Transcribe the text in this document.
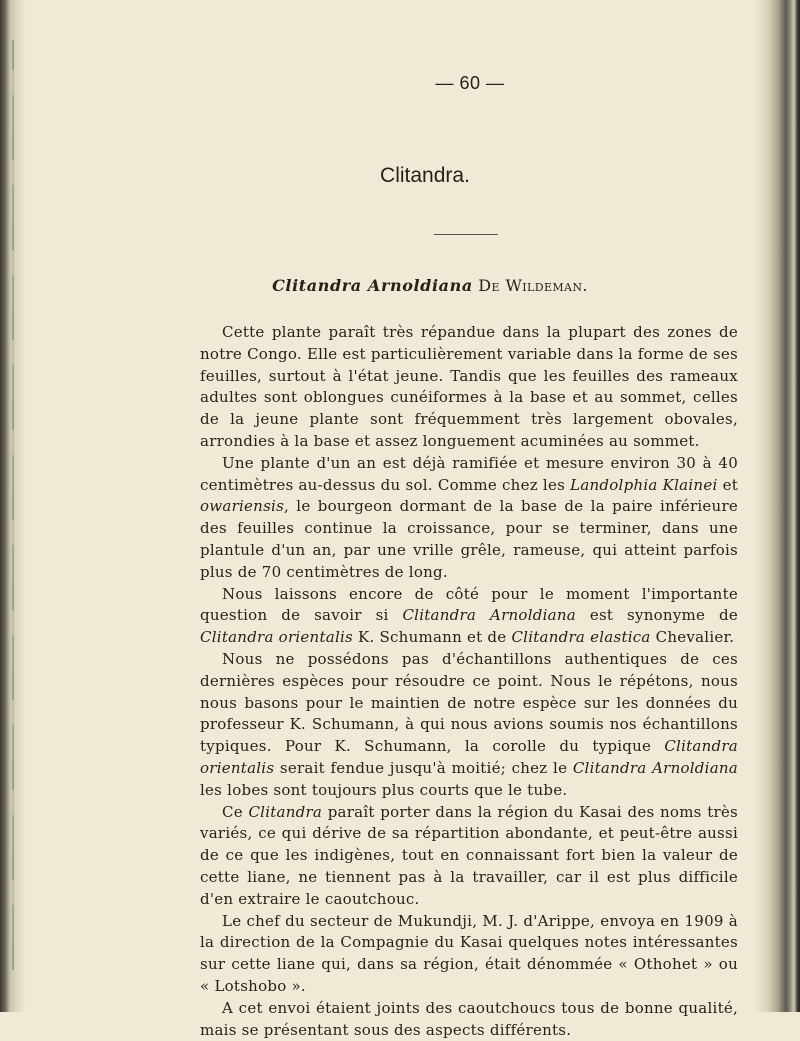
— 60 —
Clitandra.
Clitandra Arnoldiana De Wildeman.

Cette plante paraît très répandue dans la plupart des zones de notre Congo. Elle est particulièrement variable dans la forme de ses feuilles, surtout à l'état jeune. Tandis que les feuilles des rameaux adultes sont oblongues cunéiformes à la base et au sommet, celles de la jeune plante sont fréquemment très largement obovales, arrondies à la base et assez longuement acuminées au sommet.

Une plante d'un an est déjà ramifiée et mesure environ 30 à 40 centimètres au-dessus du sol. Comme chez les Landolphia Klainei et owariensis, le bourgeon dormant de la base de la paire inférieure des feuilles continue la croissance, pour se terminer, dans une plantule d'un an, par une vrille grêle, rameuse, qui atteint parfois plus de 70 centimètres de long.

Nous laissons encore de côté pour le moment l'importante question de savoir si Clitandra Arnoldiana est synonyme de Clitandra orientalis K. Schumann et de Clitandra elastica Chevalier.

Nous ne possédons pas d'échantillons authentiques de ces dernières espèces pour résoudre ce point. Nous le répétons, nous nous basons pour le maintien de notre espèce sur les données du professeur K. Schumann, à qui nous avions soumis nos échantillons typiques. Pour K. Schumann, la corolle du typique Clitandra orientalis serait fendue jusqu'à moitié; chez le Clitandra Arnoldiana les lobes sont toujours plus courts que le tube.

Ce Clitandra paraît porter dans la région du Kasai des noms très variés, ce qui dérive de sa répartition abondante, et peut-être aussi de ce que les indigènes, tout en connaissant fort bien la valeur de cette liane, ne tiennent pas à la travailler, car il est plus difficile d'en extraire le caoutchouc.

Le chef du secteur de Mukundji, M. J. d'Arippe, envoya en 1909 à la direction de la Compagnie du Kasai quelques notes intéressantes sur cette liane qui, dans sa région, était dénommée « Othohet » ou « Lotshobo ».

A cet envoi étaient joints des caoutchoucs tous de bonne qualité, mais se présentant sous des aspects différents.
